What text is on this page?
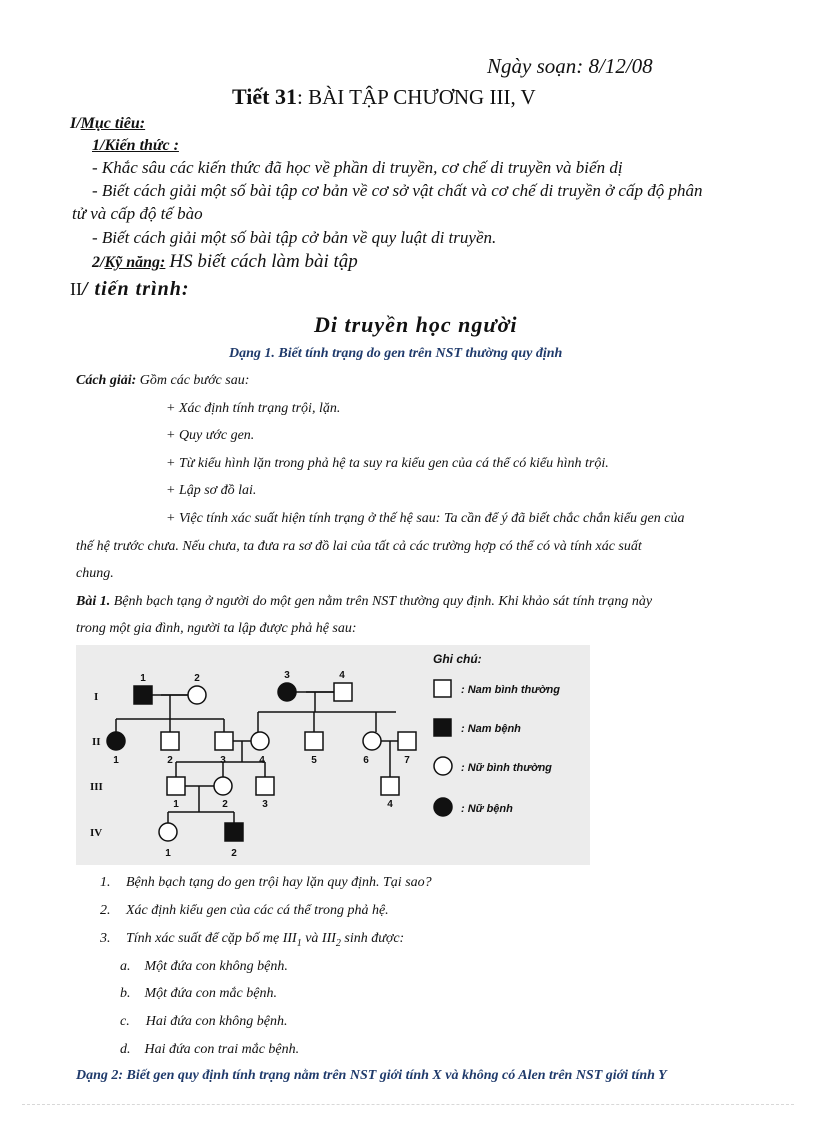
Ngày soạn: 8/12/08
Tiết 31: BÀI TẬP CHƯƠNG III, V
I/Mục tiêu:
1/Kiến thức :
- Khắc sâu các kiến thức đã học về phần di truyền, cơ chế di truyền và biến dị
- Biết cách giải một số bài tập cơ bản về cơ sở vật chất và cơ chế di truyền ở cấp độ phân
tử và cấp độ tế bào
- Biết cách giải một số bài tập cở bản về quy luật di truyền.
2/Kỹ năng: HS biết cách làm bài tập
II/ tiến trình:
Di truyền học người
Dạng 1. Biết tính trạng do gen trên NST thường quy định
Cách giải: Gồm các bước sau:
+ Xác định tính trạng trội, lặn.
+ Quy ước gen.
+ Từ kiểu hình lặn trong phả hệ ta suy ra kiểu gen của cá thể có kiểu hình trội.
+ Lập sơ đồ lai.
+ Việc tính xác suất hiện tính trạng ở thế hệ sau: Ta cần để ý đã biết chắc chắn kiểu gen của
thế hệ trước chưa. Nếu chưa, ta đưa ra sơ đồ lai của tất cả các trường hợp có thể có và tính xác suất
chung.
Bài 1. Bệnh bạch tạng ở người do một gen nằm trên NST thường quy định. Khi khảo sát tính trạng này
trong một gia đình, người ta lập được phả hệ sau:
I
II
III
IV
1	2	3	4
1	2	3	4	5	6	7
1	2	3	4
1	2
Ghi chú:
: Nam bình thường
: Nam bệnh
: Nữ bình thường
: Nữ bệnh
1. Bệnh bạch tạng do gen trội hay lặn quy định. Tại sao?
2. Xác định kiểu gen của các cá thể trong phả hệ.
3. Tính xác suất để cặp bố mẹ $III_1$ và $III_2$ sinh được:
a. Một đứa con không bệnh.
b. Một đứa con mắc bệnh.
c. Hai đứa con không bệnh.
d. Hai đứa con trai mắc bệnh.
Dạng 2: Biết gen quy định tính trạng nằm trên NST giới tính X và không có Alen trên NST giới tính Y
